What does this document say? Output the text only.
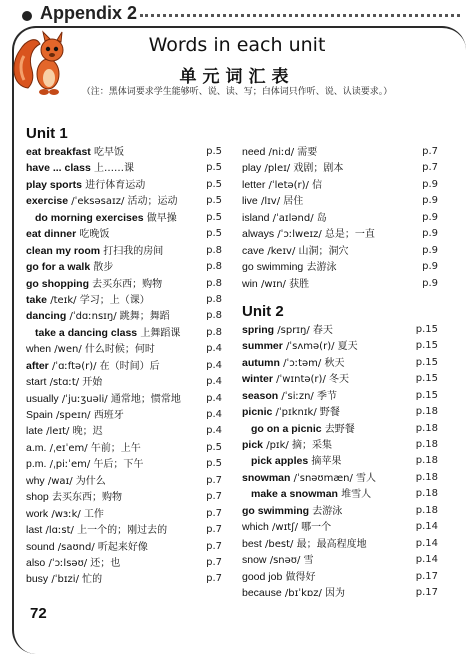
Appendix 2
Words in each unit
单元词汇表
（注：黑体词要求学生能够听、说、读、写；白体词只作听、说、认读要求。）
Unit 1
eat breakfast 吃早饭	p.5
have ... class 上……课	p.5
play sports 进行体育运动	p.5
exercise /ˈeksəsaɪz/ 活动；运动	p.5
do morning exercises 做早操	p.5
eat dinner 吃晚饭	p.5
clean my room 打扫我的房间	p.8
go for a walk 散步	p.8
go shopping 去买东西；购物	p.8
take /teɪk/ 学习；上（课）	p.8
dancing /ˈdɑːnsɪŋ/ 跳舞；舞蹈	p.8
take a dancing class 上舞蹈课	p.8
when /wen/ 什么时候；何时	p.4
after /ˈɑːftə(r)/ 在（时间）后	p.4
start /stɑːt/ 开始	p.4
usually /ˈjuːʒuəli/ 通常地；惯常地	p.4
Spain /speɪn/ 西班牙	p.4
late /leɪt/ 晚；迟	p.4
a.m. /ˌeɪˈem/ 午前；上午	p.5
p.m. /ˌpiːˈem/ 午后；下午	p.5
why /waɪ/ 为什么	p.7
shop 去买东西；购物	p.7
work /wɜːk/ 工作	p.7
last /lɑːst/ 上一个的；刚过去的	p.7
sound /saʊnd/ 听起来好像	p.7
also /ˈɔːlsəʊ/ 还；也	p.7
busy /ˈbɪzi/ 忙的	p.7
need /niːd/ 需要	p.7
play /pleɪ/ 戏剧；剧本	p.7
letter /ˈletə(r)/ 信	p.9
live /lɪv/ 居住	p.9
island /ˈaɪlənd/ 岛	p.9
always /ˈɔːlweɪz/ 总是；一直	p.9
cave /keɪv/ 山洞；洞穴	p.9
go swimming 去游泳	p.9
win /wɪn/ 获胜	p.9
Unit 2
spring /sprɪŋ/ 春天	p.15
summer /ˈsʌmə(r)/ 夏天	p.15
autumn /ˈɔːtəm/ 秋天	p.15
winter /ˈwɪntə(r)/ 冬天	p.15
season /ˈsiːzn/ 季节	p.15
picnic /ˈpɪknɪk/ 野餐	p.18
go on a picnic 去野餐	p.18
pick /pɪk/ 摘；采集	p.18
pick apples 摘苹果	p.18
snowman /ˈsnəʊmæn/ 雪人	p.18
make a snowman 堆雪人	p.18
go swimming 去游泳	p.18
which /wɪtʃ/ 哪一个	p.14
best /best/ 最；最高程度地	p.14
snow /snəʊ/ 雪	p.14
good job 做得好	p.17
because /bɪˈkɒz/ 因为	p.17
72
